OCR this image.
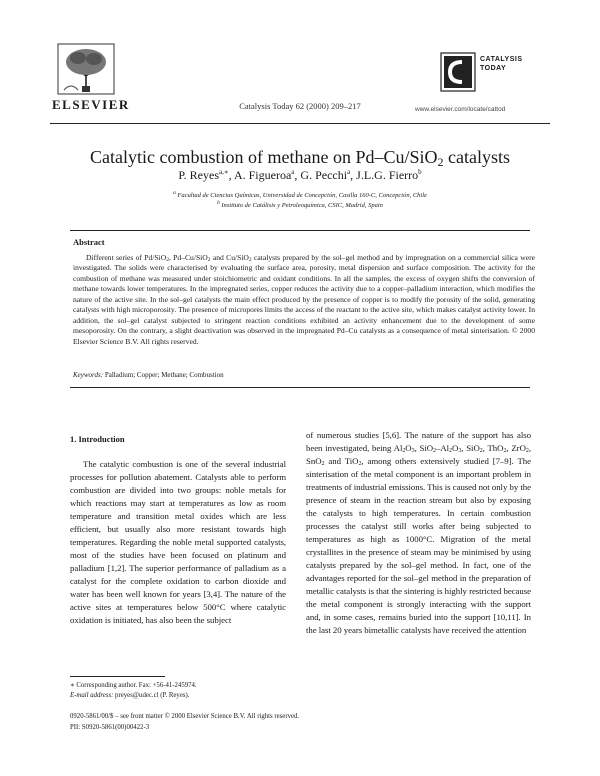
ELSEVIER	Catalysis Today 62 (2000) 209–217
CATALYSIS
TODAY
www.elsevier.com/locate/cattod
Catalytic combustion of methane on Pd–Cu/SiO$_2$ catalysts
P. Reyes$^{a,∗}$, A. Figueroa$^a$, G. Pecchi$^a$, J.L.G. Fierro$^b$
$^a$ Facultad de Ciencias Químicas, Universidad de Concepción, Casilla 160-C, Concepción, Chile
$^b$ Instituto de Catálisis y Petroleoquímica, CSIC, Madrid, Spain
Abstract
Different series of Pd/SiO$_2$, Pd–Cu/SiO$_2$ and Cu/SiO$_2$ catalysts prepared by the sol–gel method and by impregnation on a commercial silica were investigated. The solids were characterised by evaluating the surface area, porosity, metal dispersion and surface composition. The activity for the combustion of methane was measured under stoichiometric and oxidant conditions. In all the samples, the excess of oxygen shifts the conversion of methane towards lower temperatures. In the impregnated series, copper reduces the activity due to a copper–palladium interaction, which modifies the nature of the active site. In the sol–gel catalysts the main effect produced by the presence of copper is to modify the porosity of the solid, generating catalysts with high microporosity. The presence of micropores limits the access of the reactant to the active site, which makes catalyst activity lower. In addition, the sol–gel catalyst subjected to stringent reaction conditions exhibited an activity enhancement due to the development of some mesoporosity. On the contrary, a slight deactivation was observed in the impregnated Pd–Cu catalysts as a consequence of metal sinterisation. © 2000 Elsevier Science B.V. All rights reserved.
Keywords: Palladium; Copper; Methane; Combustion
1. Introduction
The catalytic combustion is one of the several industrial processes for pollution abatement. Catalysts able to perform combustion are divided into two groups: noble metals for which reactions may start at temperatures as low as room temperature and transition metal oxides which are less efficient, but usually also more resistant towards high temperatures. Regarding the noble metal supported catalysts, most of the studies have been focused on platinum and palladium [1,2]. The superior performance of palladium as a catalyst for the complete oxidation to carbon dioxide and water has been well known for years [3,4]. The nature of the active sites at temperatures below 500°C where catalytic oxidation is initiated, has also been the subject
of numerous studies [5,6]. The nature of the support has also been investigated, being $Al_2O_3$, $SiO_2-Al_2O_3$, SiO$_2$, ThO$_2$, ZrO$_2$, SnO$_2$ and TiO$_2$, among others extensively studied [7–9]. The sinterisation of the metal component is an important problem in treatments of industrial emissions. This is caused not only by the presence of steam in the reaction stream but also by exposing the catalysts to high temperatures. In certain combustion processes the catalyst still works after being subjected to temperatures as high as 1000°C. Migration of the metal crystallites in the presence of steam may be minimised by using catalysts prepared by the sol–gel method. In fact, one of the advantages reported for the sol–gel method in the preparation of metallic catalysts is that the sintering is highly restricted because the metal component is strongly interacting with the support and, in some cases, remains buried into the support [10,11]. In the last 20 years bimetallic catalysts have received the attention
∗ Corresponding author. Fax: +56-41-245974.
E-mail address: preyes@udec.cl (P. Reyes).
0920-5861/00/$ – see front matter © 2000 Elsevier Science B.V. All rights reserved.
PII: S0920-5861(00)00422-3
